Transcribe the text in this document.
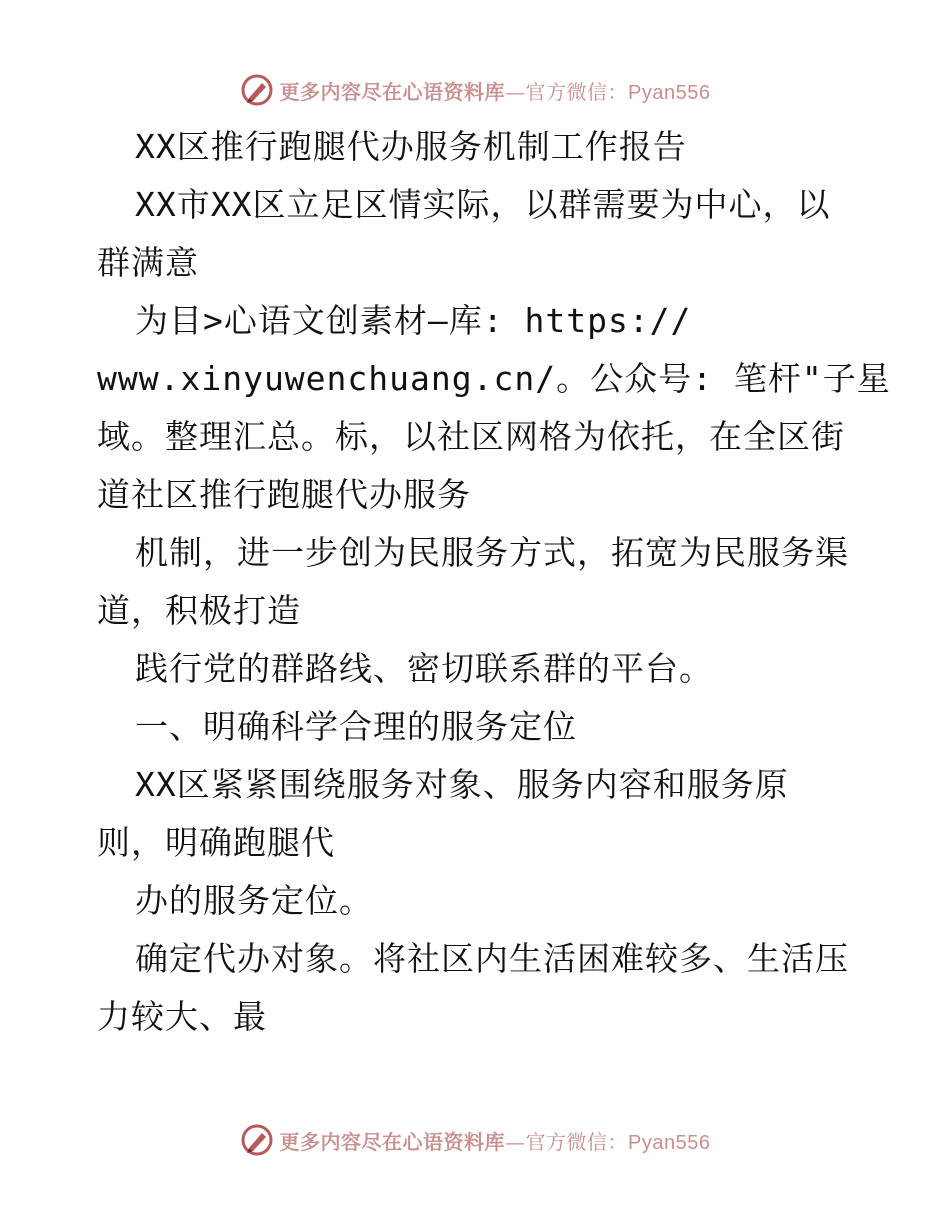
更多内容尽在心语资料库—官方微信：Pyan556
XX区推行跑腿代办服务机制工作报告
XX市XX区立足区情实际，以群需要为中心，以
群满意
为目>心语文创素材—库: https://
www.xinyuwenchuang.cn/。公众号: 笔杆"子星
域。整理汇总。标，以社区网格为依托，在全区街
道社区推行跑腿代办服务
机制，进一步创为民服务方式，拓宽为民服务渠
道，积极打造
践行党的群路线、密切联系群的平台。
一、明确科学合理的服务定位
XX区紧紧围绕服务对象、服务内容和服务原
则，明确跑腿代
办的服务定位。
确定代办对象。将社区内生活困难较多、生活压
力较大、最
更多内容尽在心语资料库—官方微信：Pyan556
